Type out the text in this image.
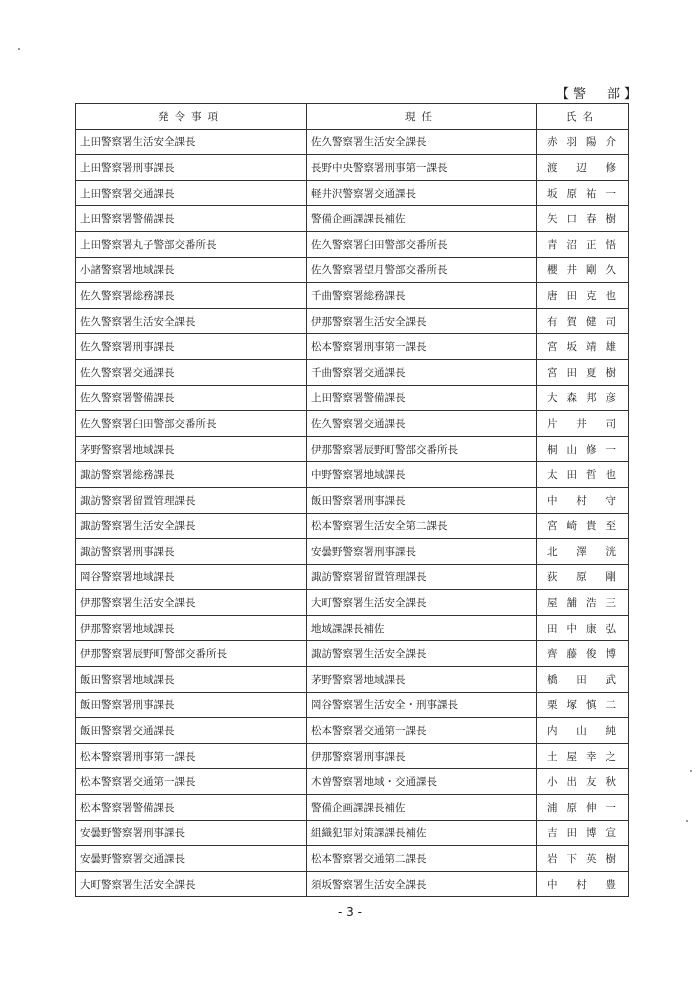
【警　部】
発令事項	現任	氏名
上田警察署生活安全課長	佐久警察署生活安全課長	赤羽陽介
上田警察署刑事課長	長野中央警察署刑事第一課長	渡辺修
上田警察署交通課長	軽井沢警察署交通課長	坂原祐一
上田警察署警備課長	警備企画課課長補佐	矢口春樹
上田警察署丸子警部交番所長	佐久警察署臼田警部交番所長	青沼正悟
小諸警察署地域課長	佐久警察署望月警部交番所長	櫻井剛久
佐久警察署総務課長	千曲警察署総務課長	唐田克也
佐久警察署生活安全課長	伊那警察署生活安全課長	有賀健司
佐久警察署刑事課長	松本警察署刑事第一課長	宮坂靖雄
佐久警察署交通課長	千曲警察署交通課長	宮田夏樹
佐久警察署警備課長	上田警察署警備課長	大森邦彦
佐久警察署臼田警部交番所長	佐久警察署交通課長	片井司
茅野警察署地域課長	伊那警察署辰野町警部交番所長	桐山修一
諏訪警察署総務課長	中野警察署地域課長	太田哲也
諏訪警察署留置管理課長	飯田警察署刑事課長	中村守
諏訪警察署生活安全課長	松本警察署生活安全第二課長	宮崎貴至
諏訪警察署刑事課長	安曇野警察署刑事課長	北澤洸
岡谷警察署地域課長	諏訪警察署留置管理課長	荻原剛
伊那警察署生活安全課長	大町警察署生活安全課長	屋舗浩三
伊那警察署地域課長	地域課課長補佐	田中康弘
伊那警察署辰野町警部交番所長	諏訪警察署生活安全課長	齊藤俊博
飯田警察署地域課長	茅野警察署地域課長	橋田武
飯田警察署刑事課長	岡谷警察署生活安全・刑事課長	栗塚慎二
飯田警察署交通課長	松本警察署交通第一課長	内山純
松本警察署刑事第一課長	伊那警察署刑事課長	土屋幸之
松本警察署交通第一課長	木曽警察署地域・交通課長	小出友秋
松本警察署警備課長	警備企画課課長補佐	浦原伸一
安曇野警察署刑事課長	組織犯罪対策課課長補佐	吉田博宣
安曇野警察署交通課長	松本警察署交通第二課長	岩下英樹
大町警察署生活安全課長	須坂警察署生活安全課長	中村豊
- 3 -
